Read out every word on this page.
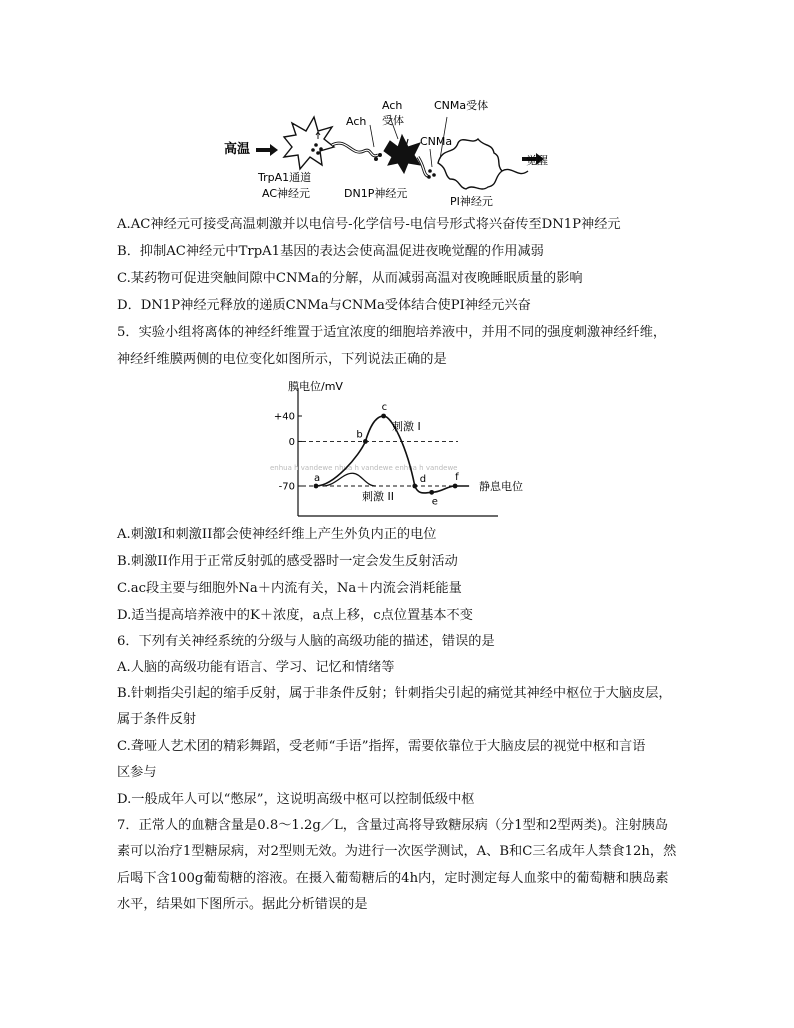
高温
Ach
Ach
受体
CNMa受体
CNMa
TrpA1通道
AC神经元	DN1P神经元
PI神经元
觉醒
A.AC神经元可接受高温刺激并以电信号-化学信号-电信号形式将兴奋传至DN1P神经元
B．抑制AC神经元中TrpA1基因的表达会使高温促进夜晚觉醒的作用减弱
C.某药物可促进突触间隙中CNMa的分解，从而减弱高温对夜晚睡眠质量的影响
D．DN1P神经元释放的递质CNMa与CNMa受体结合使PI神经元兴奋
5．实验小组将离体的神经纤维置于适宜浓度的细胞培养液中，并用不同的强度刺激神经纤维，
神经纤维膜两侧的电位变化如图所示，下列说法正确的是
膜电位/mV
enhua h vandewe nhua h vandewe enhua h vandewe
+40
0
-70
a
b
c
d
e
f
刺激 I
刺激 II
静息电位
A.刺激I和刺激II都会使神经纤维上产生外负内正的电位
B.刺激II作用于正常反射弧的感受器时一定会发生反射活动
C.ac段主要与细胞外Na＋内流有关，Na＋内流会消耗能量
D.适当提高培养液中的K＋浓度，a点上移，c点位置基本不变
6．下列有关神经系统的分级与人脑的高级功能的描述，错误的是
A.人脑的高级功能有语言、学习、记忆和情绪等
B.针刺指尖引起的缩手反射，属于非条件反射；针刺指尖引起的痛觉其神经中枢位于大脑皮层，
属于条件反射
C.聋哑人艺术团的精彩舞蹈，受老师“手语”指挥，需要依靠位于大脑皮层的视觉中枢和言语
区参与
D.一般成年人可以“憋尿”，这说明高级中枢可以控制低级中枢
7．正常人的血糖含量是0.8～1.2g／L，含量过高将导致糖尿病（分1型和2型两类)。注射胰岛
素可以治疗1型糖尿病，对2型则无效。为进行一次医学测试，A、B和C三名成年人禁食12h，然
后喝下含100g葡萄糖的溶液。在摄入葡萄糖后的4h内，定时测定每人血浆中的葡萄糖和胰岛素
水平，结果如下图所示。据此分析错误的是
